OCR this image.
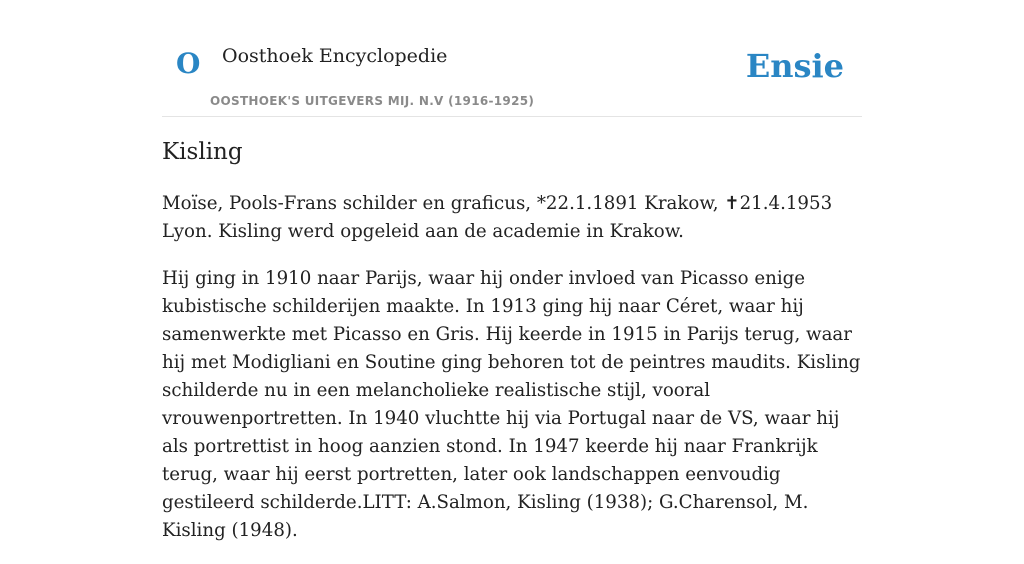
O Oosthoek Encyclopedie
OOSTHOEK'S UITGEVERS MIJ. N.V (1916-1925)
Ensie
Kisling

Moïse, Pools-Frans schilder en graficus, *22.1.1891 Krakow, ✝21.4.1953 Lyon. Kisling werd opgeleid aan de academie in Krakow.

Hij ging in 1910 naar Parijs, waar hij onder invloed van Picasso enige kubistische schilderijen maakte. In 1913 ging hij naar Céret, waar hij samenwerkte met Picasso en Gris. Hij keerde in 1915 in Parijs terug, waar hij met Modigliani en Soutine ging behoren tot de peintres maudits. Kisling schilderde nu in een melancholieke realistische stijl, vooral vrouwenportretten. In 1940 vluchtte hij via Portugal naar de VS, waar hij als portrettist in hoog aanzien stond. In 1947 keerde hij naar Frankrijk terug, waar hij eerst portretten, later ook landschappen eenvoudig gestileerd schilderde.LITT: A.Salmon, Kisling (1938); G.Charensol, M. Kisling (1948).
